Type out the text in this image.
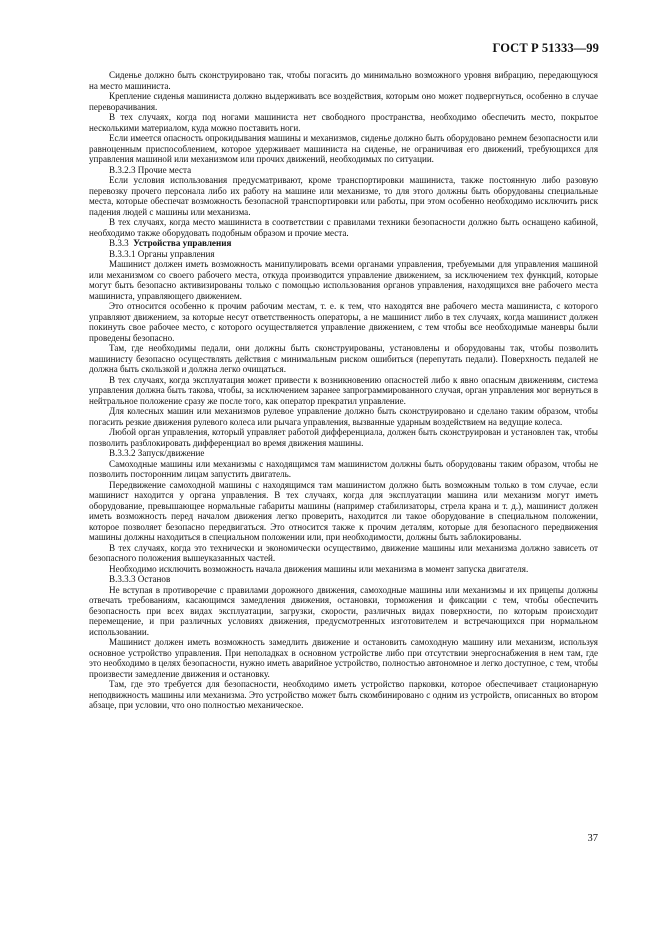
ГОСТ Р 51333—99

Сиденье должно быть сконструировано так, чтобы погасить до минимально возможного уровня вибрацию, передающуюся на место машиниста.

Крепление сиденья машиниста должно выдерживать все воздействия, которым оно может подвергнуться, особенно в случае переворачивания.

В тех случаях, когда под ногами машиниста нет свободного пространства, необходимо обеспечить место, покрытое несколькими материалом, куда можно поставить ноги.

Если имеется опасность опрокидывания машины и механизмов, сиденье должно быть оборудовано ремнем безопасности или равноценным приспособлением, которое удерживает машиниста на сиденье, не ограничивая его движений, требующихся для управления машиной или механизмом или прочих движений, необходимых по ситуации.

В.3.2.3 Прочие места

Если условия использования предусматривают, кроме транспортировки машиниста, также постоянную либо разовую перевозку прочего персонала либо их работу на машине или механизме, то для этого должны быть оборудованы специальные места, которые обеспечат возможность безопасной транспортировки или работы, при этом особенно необходимо исключить риск падения людей с машины или механизма.

В тех случаях, когда место машиниста в соответствии с правилами техники безопасности должно быть оснащено кабиной, необходимо также оборудовать подобным образом и прочие места.

В.3.3 Устройства управления

В.3.3.1 Органы управления

Машинист должен иметь возможность манипулировать всеми органами управления, требуемыми для управления машиной или механизмом со своего рабочего места, откуда производится управление движением, за исключением тех функций, которые могут быть безопасно активизированы только с помощью использования органов управления, находящихся вне рабочего места машиниста, управляющего движением.

Это относится особенно к прочим рабочим местам, т. е. к тем, что находятся вне рабочего места машиниста, с которого управляют движением, за которые несут ответственность операторы, а не машинист либо в тех случаях, когда машинист должен покинуть свое рабочее место, с которого осуществляется управление движением, с тем чтобы все необходимые маневры были проведены безопасно.

Там, где необходимы педали, они должны быть сконструированы, установлены и оборудованы так, чтобы позволить машинисту безопасно осуществлять действия с минимальным риском ошибиться (перепутать педали). Поверхность педалей не должна быть скользкой и должна легко очищаться.

В тех случаях, когда эксплуатация может привести к возникновению опасностей либо к явно опасным движениям, система управления должна быть такова, чтобы, за исключением заранее запрограммированного случая, орган управления мог вернуться в нейтральное положение сразу же после того, как оператор прекратил управление.

Для колесных машин или механизмов рулевое управление должно быть сконструировано и сделано таким образом, чтобы погасить резкие движения рулевого колеса или рычага управления, вызванные ударным воздействием на ведущие колеса.

Любой орган управления, который управляет работой дифференциала, должен быть сконструирован и установлен так, чтобы позволить разблокировать дифференциал во время движения машины.

В.3.3.2 Запуск/движение

Самоходные машины или механизмы с находящимся там машинистом должны быть оборудованы таким образом, чтобы не позволить посторонним лицам запустить двигатель.

Передвижение самоходной машины с находящимся там машинистом должно быть возможным только в том случае, если машинист находится у органа управления. В тех случаях, когда для эксплуатации машина или механизм могут иметь оборудование, превышающее нормальные габариты машины (например стабилизаторы, стрела крана и т. д.), машинист должен иметь возможность перед началом движения легко проверить, находится ли такое оборудование в специальном положении, которое позволяет безопасно передвигаться. Это относится также к прочим деталям, которые для безопасного передвижения машины должны находиться в специальном положении или, при необходимости, должны быть заблокированы.

В тех случаях, когда это технически и экономически осуществимо, движение машины или механизма должно зависеть от безопасного положения вышеуказанных частей.

Необходимо исключить возможность начала движения машины или механизма в момент запуска двигателя.

В.3.3.3 Останов

Не вступая в противоречие с правилами дорожного движения, самоходные машины или механизмы и их прицепы должны отвечать требованиям, касающимся замедления движения, остановки, торможения и фиксации с тем, чтобы обеспечить безопасность при всех видах эксплуатации, загрузки, скорости, различных видах поверхности, по которым происходит перемещение, и при различных условиях движения, предусмотренных изготовителем и встречающихся при нормальном использовании.

Машинист должен иметь возможность замедлить движение и остановить самоходную машину или механизм, используя основное устройство управления. При неполадках в основном устройстве либо при отсутствии энергоснабжения в нем там, где это необходимо в целях безопасности, нужно иметь аварийное устройство, полностью автономное и легко доступное, с тем, чтобы произвести замедление движения и остановку.

Там, где это требуется для безопасности, необходимо иметь устройство парковки, которое обеспечивает стационарную неподвижность машины или механизма. Это устройство может быть скомбинировано с одним из устройств, описанных во втором абзаце, при условии, что оно полностью механическое.

37
